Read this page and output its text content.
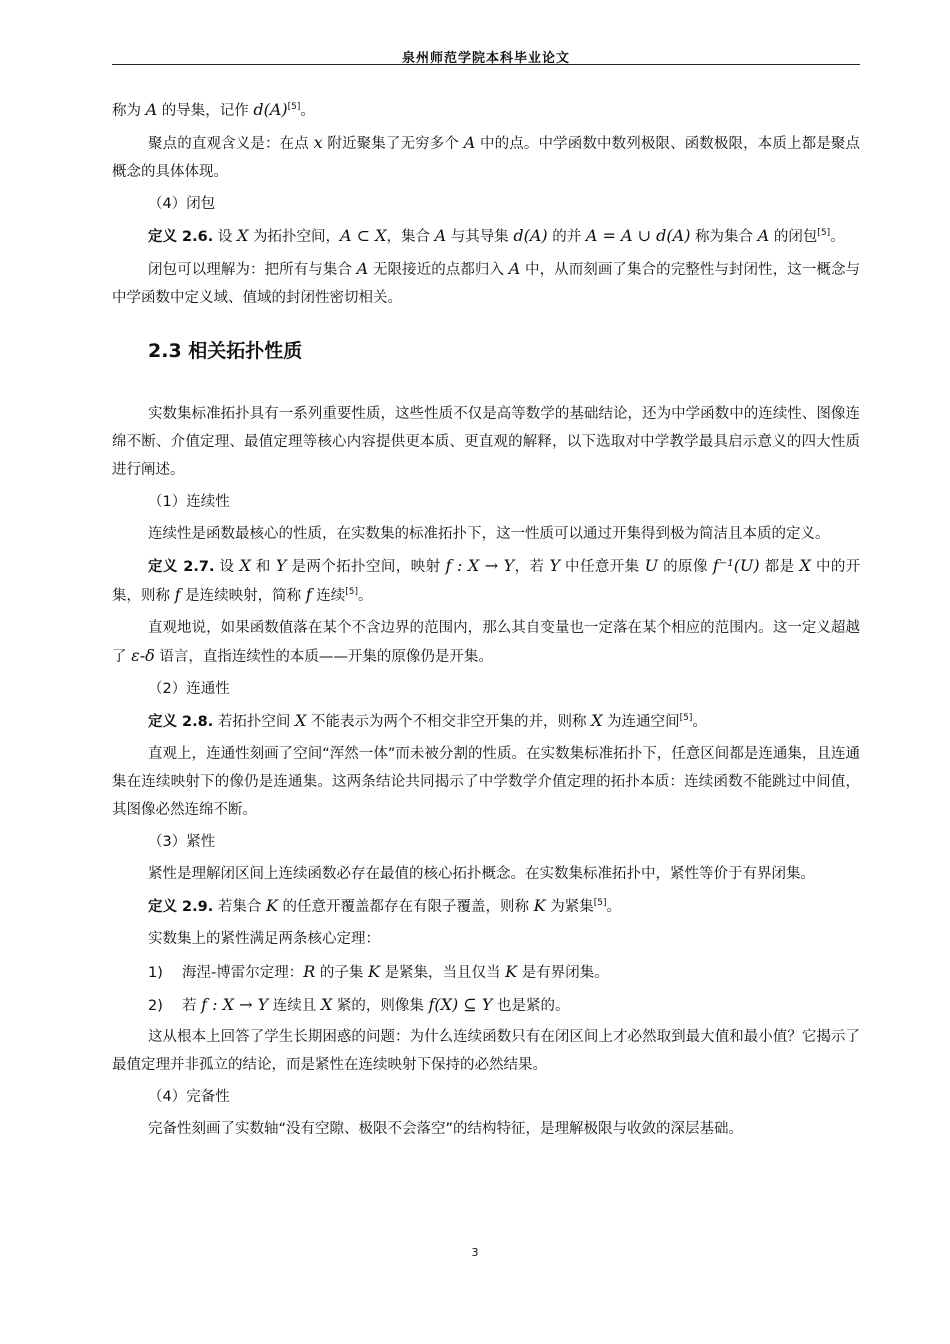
泉州师范学院本科毕业论文

称为 A 的导集，记作 d(A)[5]。

聚点的直观含义是：在点 x 附近聚集了无穷多个 A 中的点。中学函数中数列极限、函数极限，本质上都是聚点概念的具体体现。

（4）闭包

定义 2.6. 设 X 为拓扑空间，A ⊂ X，集合 A 与其导集 d(A) 的并 A = A ∪ d(A) 称为集合 A 的闭包[5]。

闭包可以理解为：把所有与集合 A 无限接近的点都归入 A 中，从而刻画了集合的完整性与封闭性，这一概念与中学函数中定义域、值域的封闭性密切相关。

2.3 相关拓扑性质

实数集标准拓扑具有一系列重要性质，这些性质不仅是高等数学的基础结论，还为中学函数中的连续性、图像连绵不断、介值定理、最值定理等核心内容提供更本质、更直观的解释，以下选取对中学教学最具启示意义的四大性质进行阐述。

（1）连续性

连续性是函数最核心的性质，在实数集的标准拓扑下，这一性质可以通过开集得到极为简洁且本质的定义。

定义 2.7. 设 X 和 Y 是两个拓扑空间，映射 f : X → Y，若 Y 中任意开集 U 的原像 f⁻¹(U) 都是 X 中的开集，则称 f 是连续映射，简称 f 连续[5]。

直观地说，如果函数值落在某个不含边界的范围内，那么其自变量也一定落在某个相应的范围内。这一定义超越了 ε-δ 语言，直指连续性的本质——开集的原像仍是开集。

（2）连通性

定义 2.8. 若拓扑空间 X 不能表示为两个不相交非空开集的并，则称 X 为连通空间[5]。

直观上，连通性刻画了空间“浑然一体”而未被分割的性质。在实数集标准拓扑下，任意区间都是连通集，且连通集在连续映射下的像仍是连通集。这两条结论共同揭示了中学数学介值定理的拓扑本质：连续函数不能跳过中间值，其图像必然连绵不断。

（3）紧性

紧性是理解闭区间上连续函数必存在最值的核心拓扑概念。在实数集标准拓扑中，紧性等价于有界闭集。

定义 2.9. 若集合 K 的任意开覆盖都存在有限子覆盖，则称 K 为紧集[5]。

实数集上的紧性满足两条核心定理：

1) 海涅-博雷尔定理：R 的子集 K 是紧集，当且仅当 K 是有界闭集。
2) 若 f : X → Y 连续且 X 紧的，则像集 f(X) ⊆ Y 也是紧的。

这从根本上回答了学生长期困惑的问题：为什么连续函数只有在闭区间上才必然取到最大值和最小值？它揭示了最值定理并非孤立的结论，而是紧性在连续映射下保持的必然结果。

（4）完备性

完备性刻画了实数轴“没有空隙、极限不会落空”的结构特征，是理解极限与收敛的深层基础。

3
